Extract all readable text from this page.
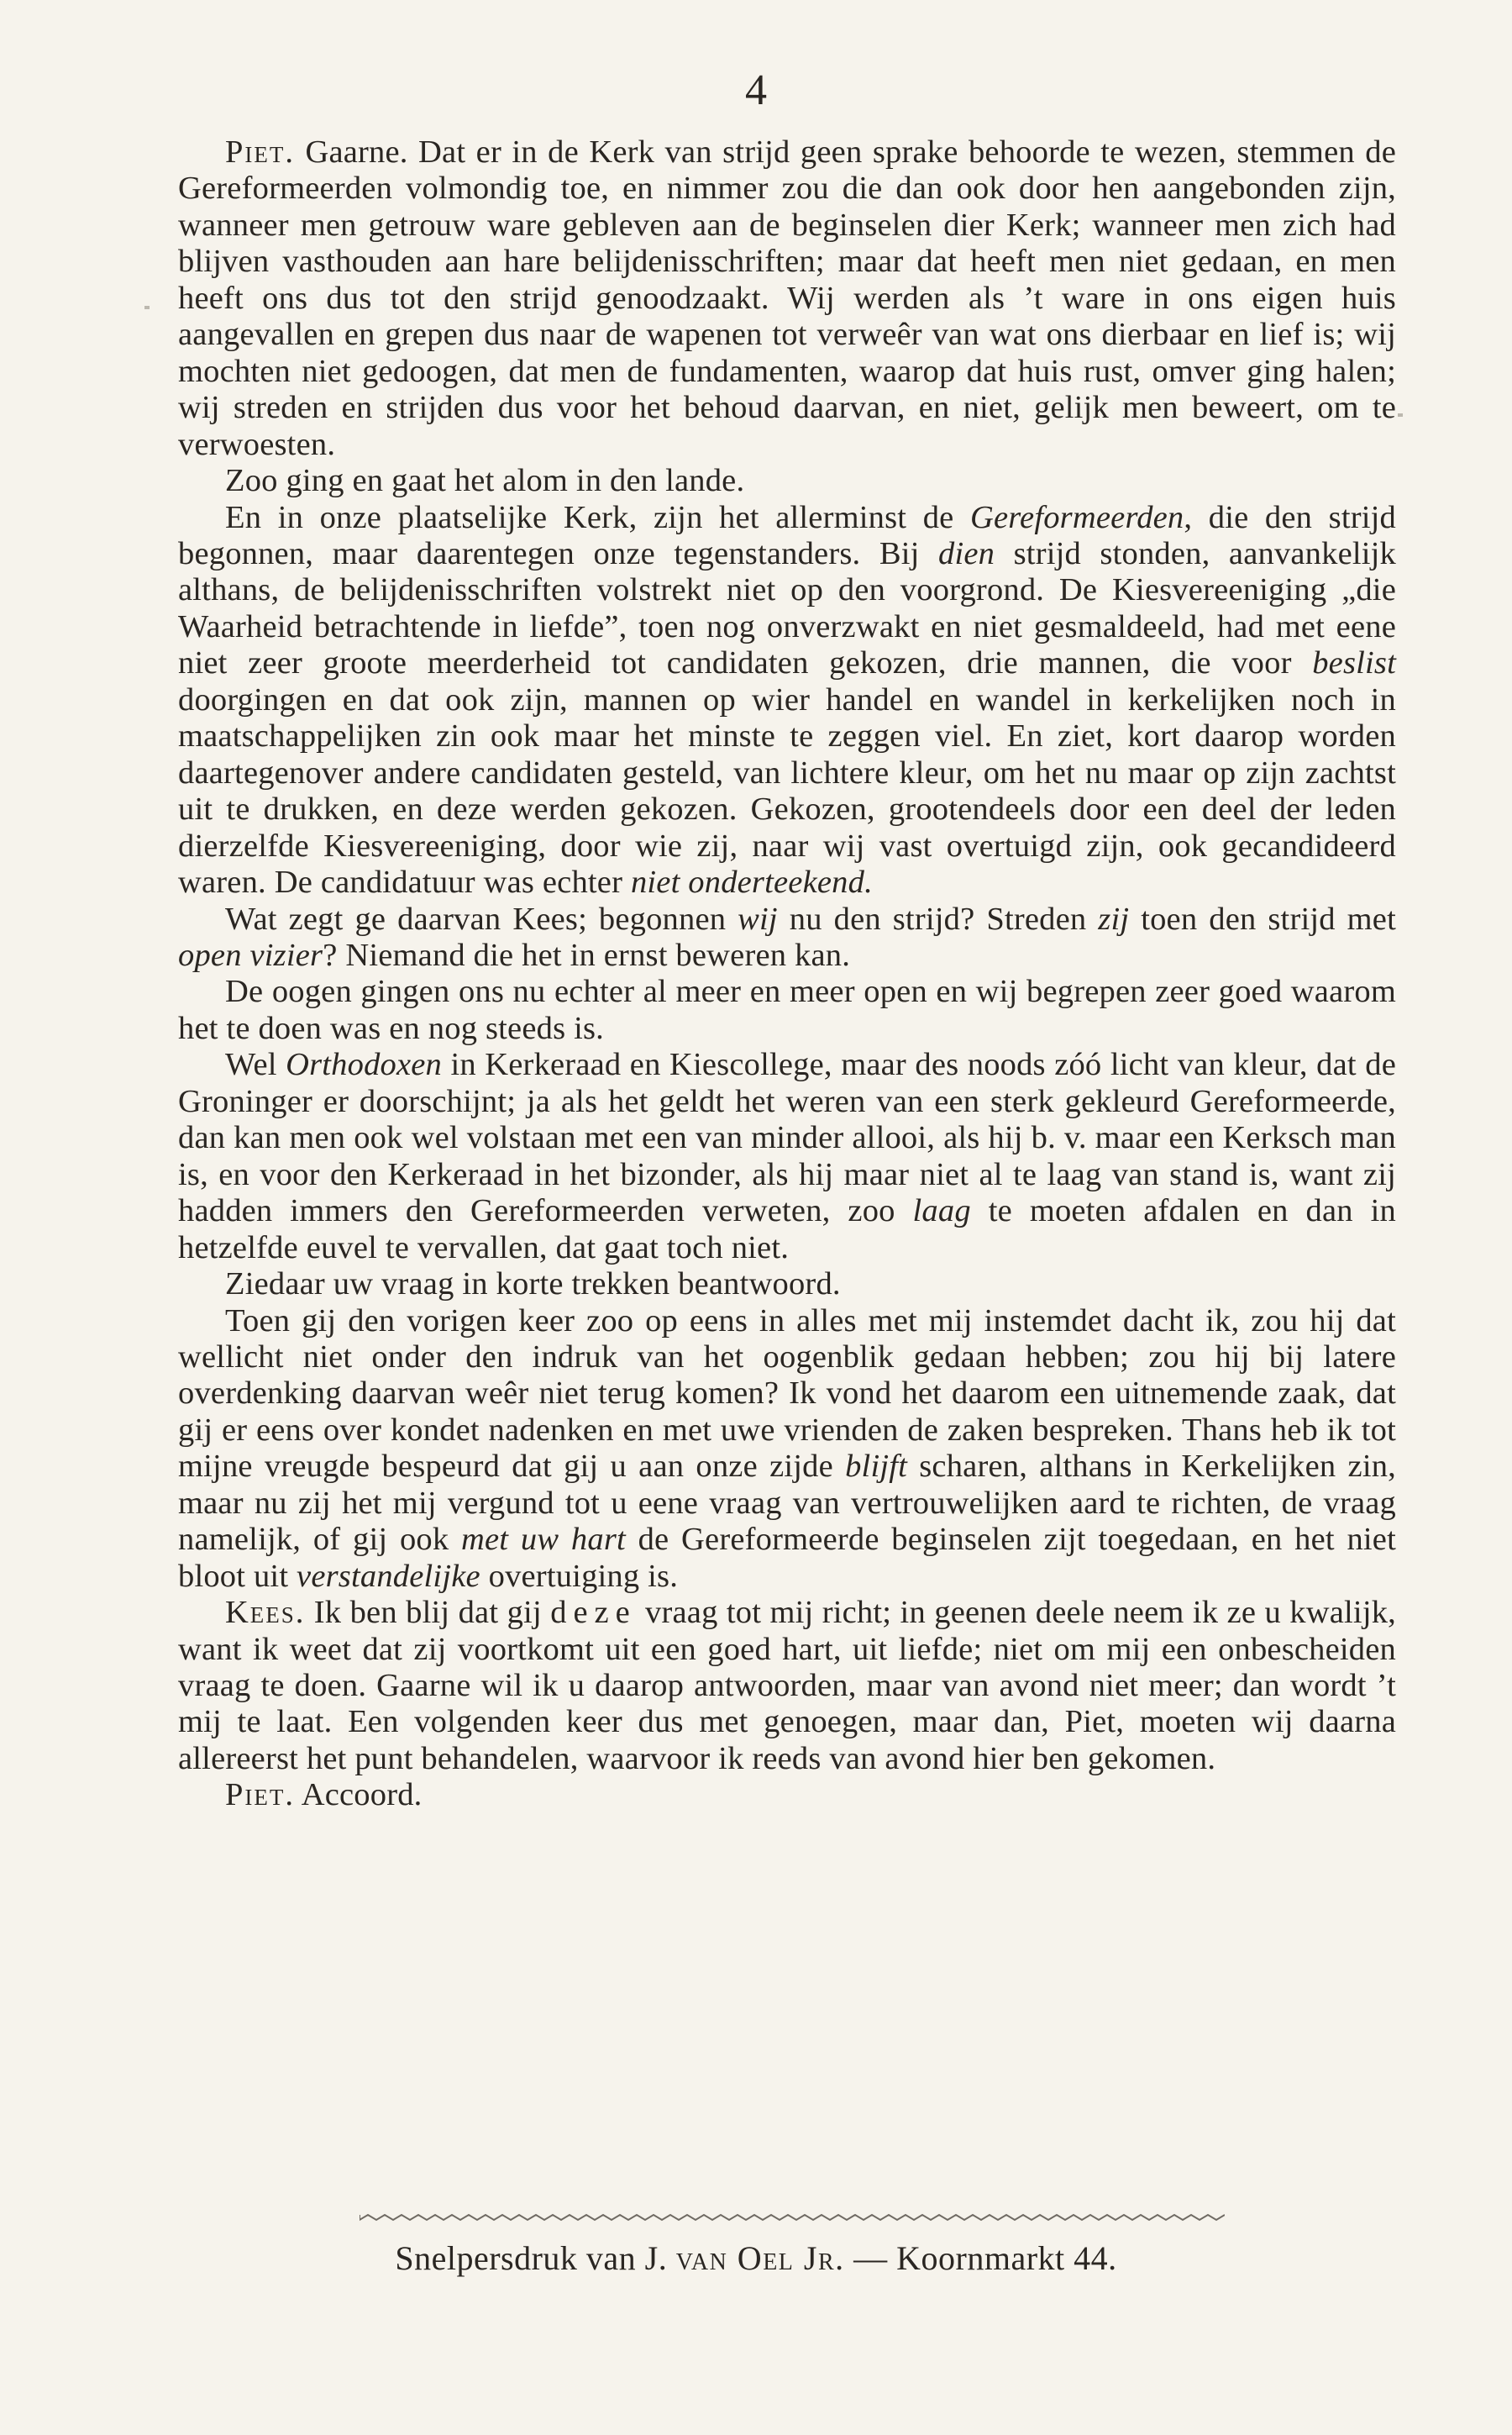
4

Piet. Gaarne. Dat er in de Kerk van strijd geen sprake behoorde te wezen, stemmen de Gereformeerden volmondig toe, en nimmer zou die dan ook door hen aangebonden zijn, wanneer men getrouw ware gebleven aan de beginselen dier Kerk; wanneer men zich had blijven vasthouden aan hare belijdenisschriften; maar dat heeft men niet gedaan, en men heeft ons dus tot den strijd genoodzaakt. Wij werden als ’t ware in ons eigen huis aangevallen en grepen dus naar de wapenen tot verweêr van wat ons dierbaar en lief is; wij mochten niet gedoogen, dat men de fundamenten, waarop dat huis rust, omver ging halen; wij streden en strijden dus voor het behoud daarvan, en niet, gelijk men beweert, om te verwoesten.

Zoo ging en gaat het alom in den lande.

En in onze plaatselijke Kerk, zijn het allerminst de Gereformeerden, die den strijd begonnen, maar daarentegen onze tegenstanders. Bij dien strijd stonden, aanvankelijk althans, de belijdenisschriften volstrekt niet op den voorgrond. De Kiesvereeniging „die Waarheid betrachtende in liefde”, toen nog onverzwakt en niet gesmaldeeld, had met eene niet zeer groote meerderheid tot candidaten gekozen, drie mannen, die voor beslist doorgingen en dat ook zijn, mannen op wier handel en wandel in kerkelijken noch in maatschappelijken zin ook maar het minste te zeggen viel. En ziet, kort daarop worden daartegenover andere candidaten gesteld, van lichtere kleur, om het nu maar op zijn zachtst uit te drukken, en deze werden gekozen. Gekozen, grootendeels door een deel der leden dierzelfde Kiesvereeniging, door wie zij, naar wij vast overtuigd zijn, ook gecandideerd waren. De candidatuur was echter niet onderteekend.

Wat zegt ge daarvan Kees; begonnen wij nu den strijd? Streden zij toen den strijd met open vizier? Niemand die het in ernst beweren kan.

De oogen gingen ons nu echter al meer en meer open en wij begrepen zeer goed waarom het te doen was en nog steeds is.

Wel Orthodoxen in Kerkeraad en Kiescollege, maar des noods zóó licht van kleur, dat de Groninger er doorschijnt; ja als het geldt het weren van een sterk gekleurd Gereformeerde, dan kan men ook wel volstaan met een van minder allooi, als hij b. v. maar een Kerksch man is, en voor den Kerkeraad in het bizonder, als hij maar niet al te laag van stand is, want zij hadden immers den Gereformeerden verweten, zoo laag te moeten afdalen en dan in hetzelfde euvel te vervallen, dat gaat toch niet.

Ziedaar uw vraag in korte trekken beantwoord.

Toen gij den vorigen keer zoo op eens in alles met mij instemdet dacht ik, zou hij dat wellicht niet onder den indruk van het oogenblik gedaan hebben; zou hij bij latere overdenking daarvan weêr niet terug komen? Ik vond het daarom een uitnemende zaak, dat gij er eens over kondet nadenken en met uwe vrienden de zaken bespreken. Thans heb ik tot mijne vreugde bespeurd dat gij u aan onze zijde blijft scharen, althans in Kerkelijken zin, maar nu zij het mij vergund tot u eene vraag van vertrouwelijken aard te richten, de vraag namelijk, of gij ook met uw hart de Gereformeerde beginselen zijt toegedaan, en het niet bloot uit verstandelijke overtuiging is.

Kees. Ik ben blij dat gij deze vraag tot mij richt; in geenen deele neem ik ze u kwalijk, want ik weet dat zij voortkomt uit een goed hart, uit liefde; niet om mij een onbescheiden vraag te doen. Gaarne wil ik u daarop antwoorden, maar van avond niet meer; dan wordt ’t mij te laat. Een volgenden keer dus met genoegen, maar dan, Piet, moeten wij daarna allereerst het punt behandelen, waarvoor ik reeds van avond hier ben gekomen.

Piet. Accoord.

Snelpersdruk van J. van Oel Jr. — Koornmarkt 44.
